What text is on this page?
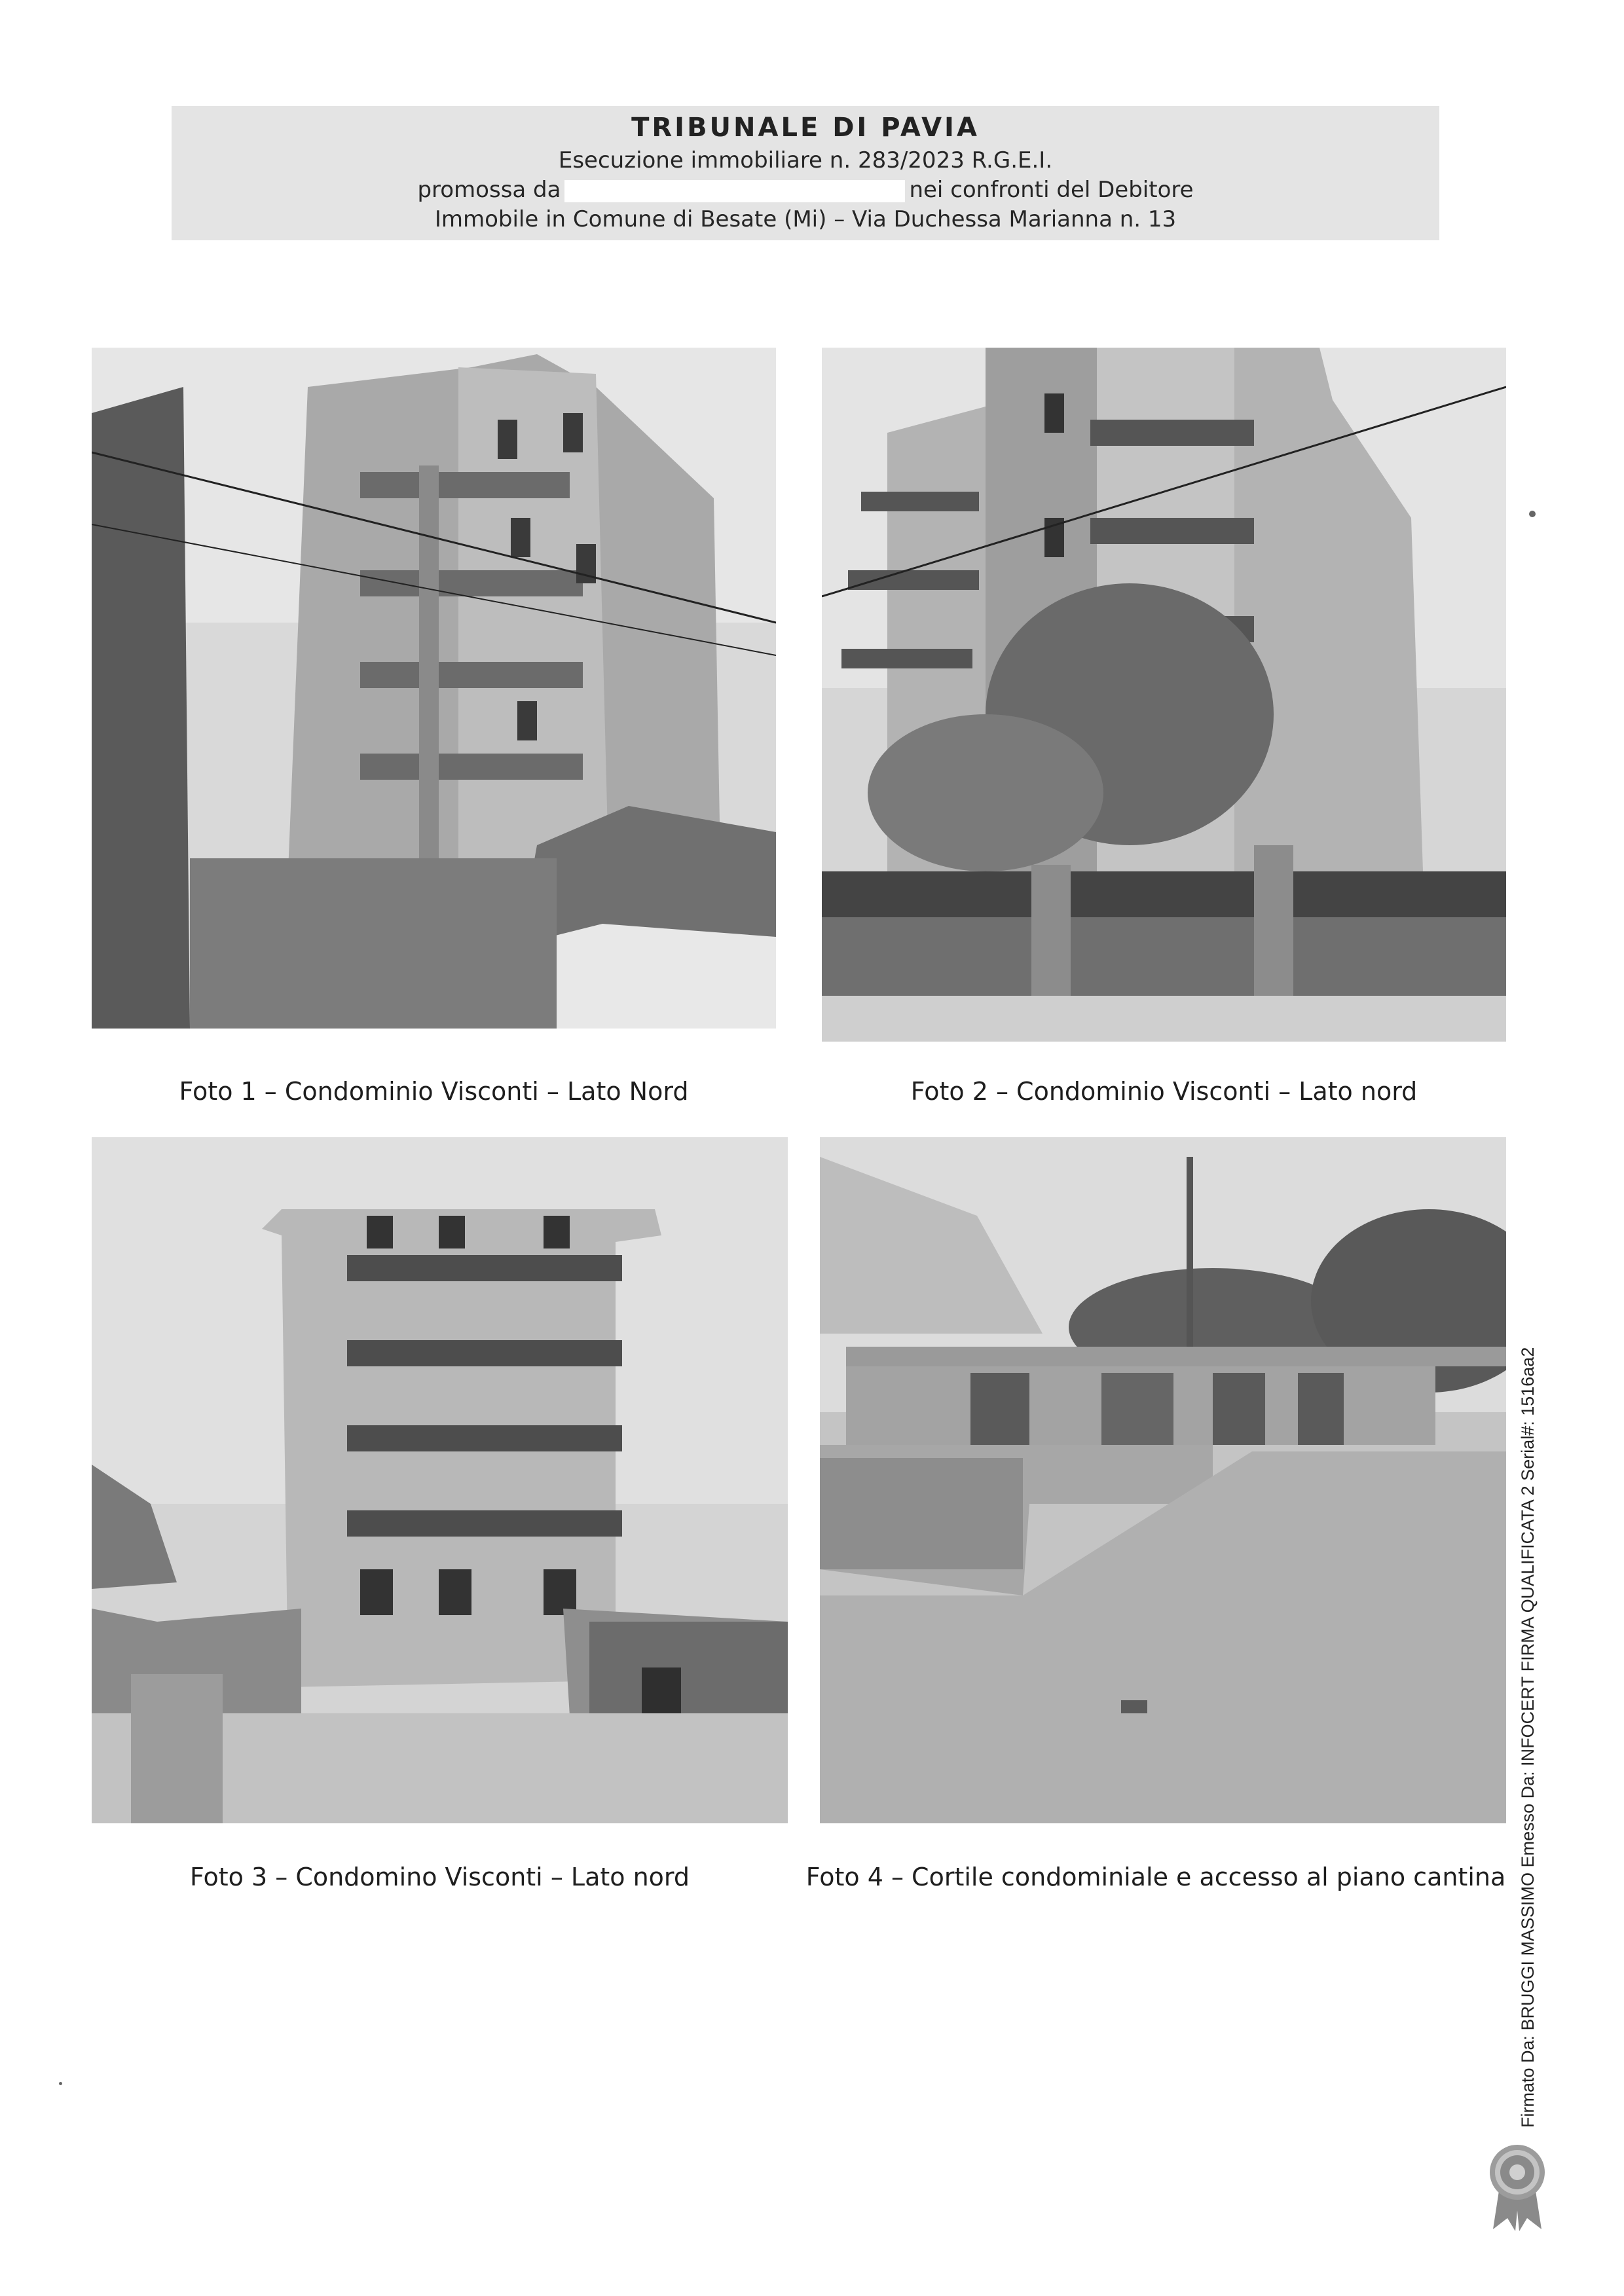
TRIBUNALE DI PAVIA
Esecuzione immobiliare n. 283/2023 R.G.E.I.
promossa da	nei confronti del Debitore
Immobile in Comune di Besate (Mi) – Via Duchessa Marianna n. 13
Foto 1 – Condominio Visconti – Lato Nord	Foto 2 – Condominio Visconti – Lato nord
Foto 3 – Condomino Visconti – Lato nord	Foto 4 – Cortile condominiale e accesso al piano cantina Firmato Da: BRUGGI MASSIMO Emesso Da: INFOCERT FIRMA QUALIFICATA 2 Serial#: 1516aa2
